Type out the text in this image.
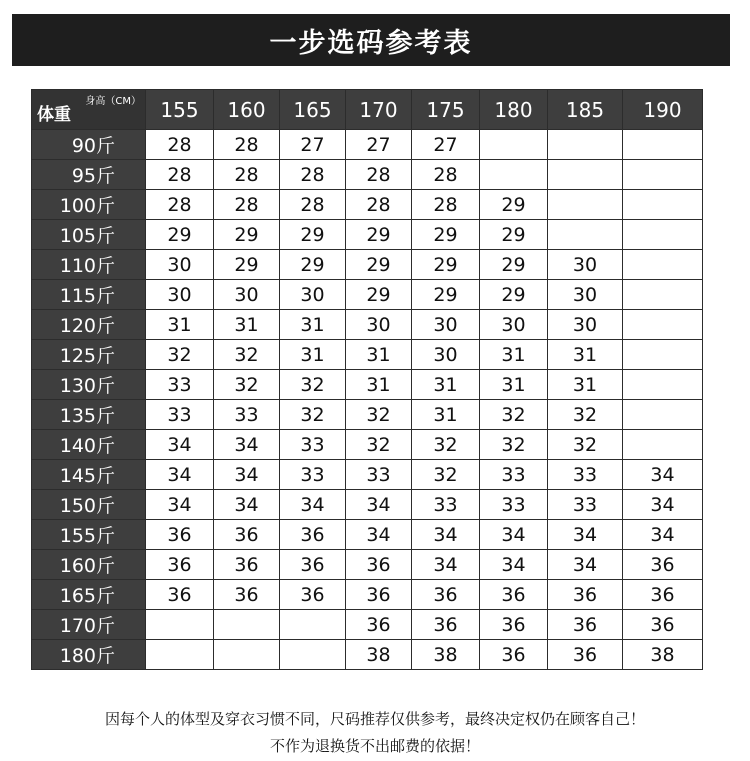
一步选码参考表
身高（CM）
体重	155	160	165	170	175	180	185	190
90斤	28	28	27	27	27			
95斤	28	28	28	28	28			
100斤	28	28	28	28	28	29		
105斤	29	29	29	29	29	29		
110斤	30	29	29	29	29	29	30	
115斤	30	30	30	29	29	29	30	
120斤	31	31	31	30	30	30	30	
125斤	32	32	31	31	30	31	31	
130斤	33	32	32	31	31	31	31	
135斤	33	33	32	32	31	32	32	
140斤	34	34	33	32	32	32	32	
145斤	34	34	33	33	32	33	33	34
150斤	34	34	34	34	33	33	33	34
155斤	36	36	36	34	34	34	34	34
160斤	36	36	36	36	34	34	34	36
165斤	36	36	36	36	36	36	36	36
170斤				36	36	36	36	36
180斤				38	38	36	36	38
因每个人的体型及穿衣习惯不同，尺码推荐仅供参考，最终决定权仍在顾客自己！
不作为退换货不出邮费的依据！
